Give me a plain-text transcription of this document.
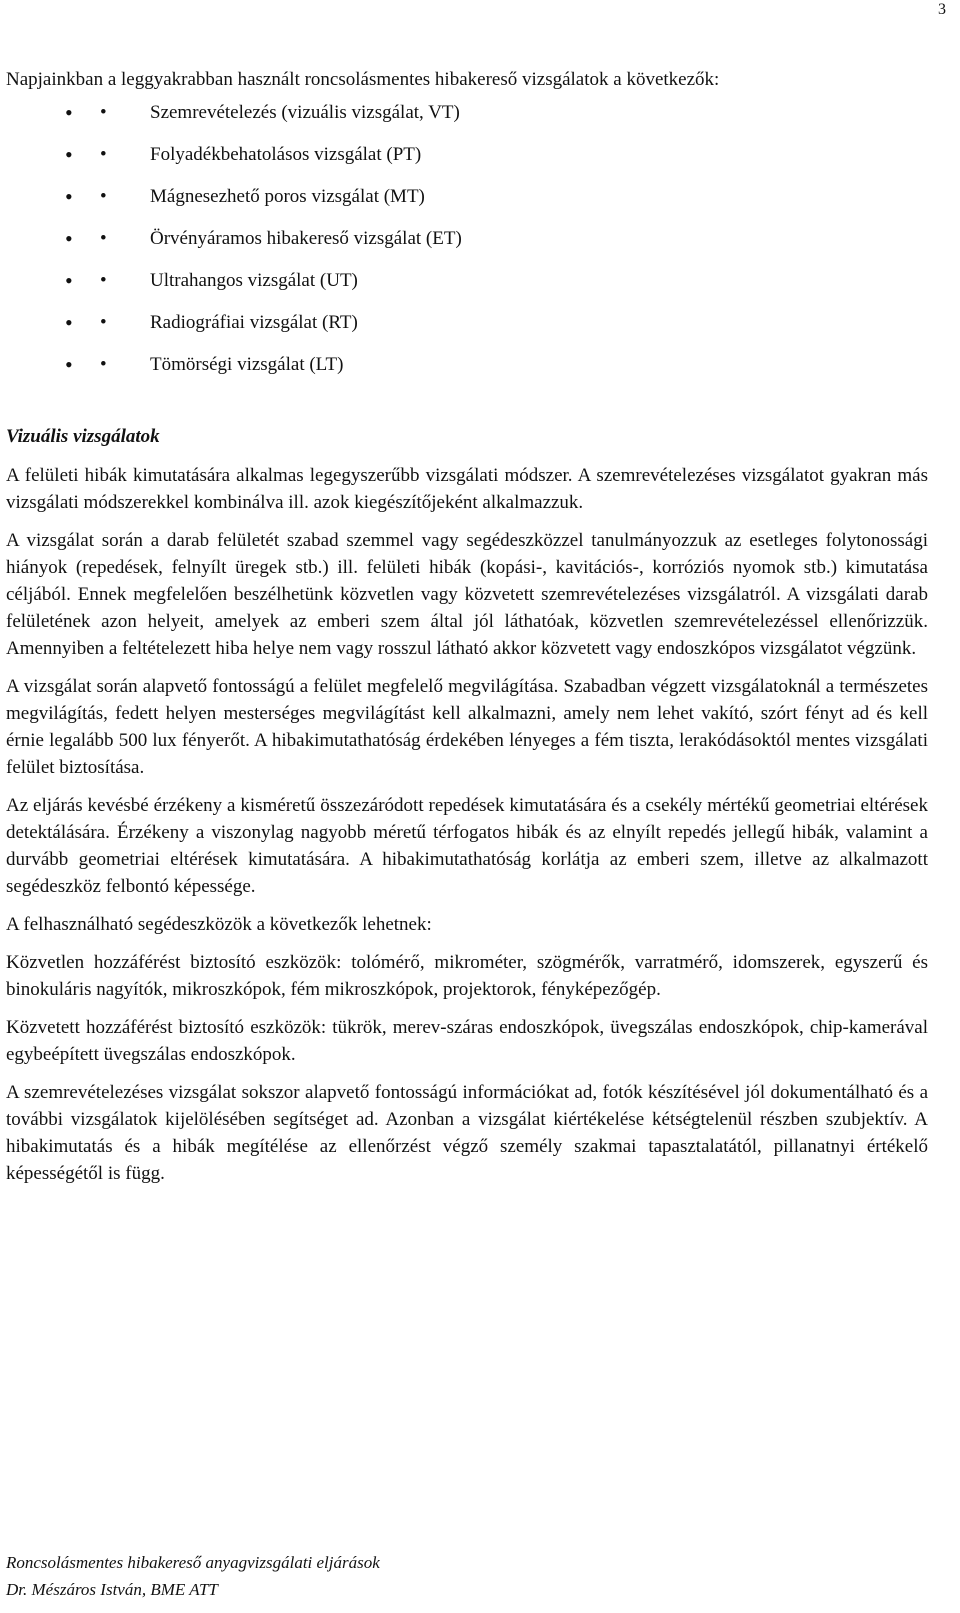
3

Napjainkban a leggyakrabban használt roncsolásmentes hibakereső vizsgálatok a következők:

• • Szemrevételezés (vizuális vizsgálat, VT)
• • Folyadékbehatolásos vizsgálat (PT)
• • Mágnesezhető poros vizsgálat (MT)
• • Örvényáramos hibakereső vizsgálat (ET)
• • Ultrahangos vizsgálat (UT)
• • Radiográfiai vizsgálat (RT)
• • Tömörségi vizsgálat (LT)
Vizuális vizsgálatok

A felületi hibák kimutatására alkalmas legegyszerűbb vizsgálati módszer. A szemrevételezéses vizsgálatot gyakran más vizsgálati módszerekkel kombinálva ill. azok kiegészítőjeként alkalmazzuk.

A vizsgálat során a darab felületét szabad szemmel vagy segédeszközzel tanulmányozzuk az esetleges folytonossági hiányok (repedések, felnyílt üregek stb.) ill. felületi hibák (kopási-, kavitációs-, korróziós nyomok stb.) kimutatása céljából. Ennek megfelelően beszélhetünk közvetlen vagy közvetett szemrevételezéses vizsgálatról. A vizsgálati darab felületének azon helyeit, amelyek az emberi szem által jól láthatóak, közvetlen szemrevételezéssel ellenőrizzük. Amennyiben a feltételezett hiba helye nem vagy rosszul látható akkor közvetett vagy endoszkópos vizsgálatot végzünk.

A vizsgálat során alapvető fontosságú a felület megfelelő megvilágítása. Szabadban végzett vizsgálatoknál a természetes megvilágítás, fedett helyen mesterséges megvilágítást kell alkalmazni, amely nem lehet vakító, szórt fényt ad és kell érnie legalább 500 lux fényerőt. A hibakimutathatóság érdekében lényeges a fém tiszta, lerakódásoktól mentes vizsgálati felület biztosítása.

Az eljárás kevésbé érzékeny a kisméretű összezáródott repedések kimutatására és a csekély mértékű geometriai eltérések detektálására. Érzékeny a viszonylag nagyobb méretű térfogatos hibák és az elnyílt repedés jellegű hibák, valamint a durvább geometriai eltérések kimutatására. A hibakimutathatóság korlátja az emberi szem, illetve az alkalmazott segédeszköz felbontó képessége.

A felhasználható segédeszközök a következők lehetnek:

Közvetlen hozzáférést biztosító eszközök: tolómérő, mikrométer, szögmérők, varratmérő, idomszerek, egyszerű és binokuláris nagyítók, mikroszkópok, fém mikroszkópok, projektorok, fényképezőgép.

Közvetett hozzáférést biztosító eszközök: tükrök, merev-száras endoszkópok, üvegszálas endoszkópok, chip-kamerával egybeépített üvegszálas endoszkópok.

A szemrevételezéses vizsgálat sokszor alapvető fontosságú információkat ad, fotók készítésével jól dokumentálható és a további vizsgálatok kijelölésében segítséget ad. Azonban a vizsgálat kiértékelése kétségtelenül részben szubjektív. A hibakimutatás és a hibák megítélése az ellenőrzést végző személy szakmai tapasztalatától, pillanatnyi értékelő képességétől is függ.

Roncsolásmentes hibakereső anyagvizsgálati eljárások
Dr. Mészáros István, BME ATT
